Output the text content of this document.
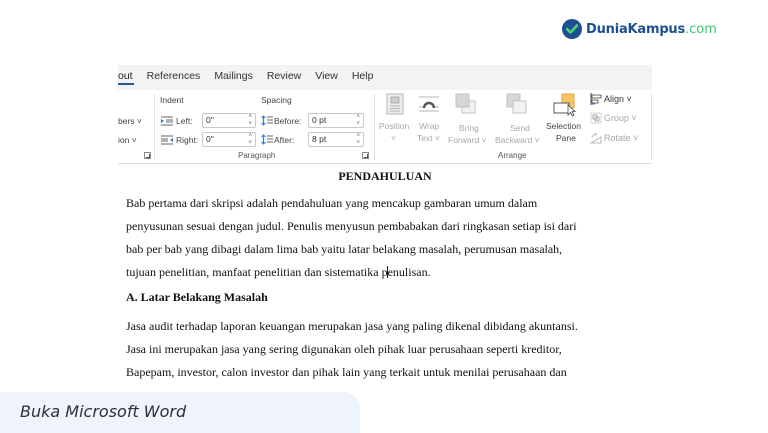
DuniaKampus .com
out	References	Mailings	Review	View	Help
bers ˅
ion ˅
Indent	Spacing
Left:	0"	˄
˅
Right: 0"	˄
˅
Before:	0 pt	˄
˅
After:	8 pt	˄
˅
Paragraph
Position
˅
Wrap
Text ˅
Bring
Forward ˅
Send
Backward ˅
Selection
Pane
Align ˅
Group ˅
Rotate ˅
Arrange
PENDAHULUAN
Bab pertama dari skripsi adalah pendahuluan yang mencakup gambaran umum dalam
penyusunan sesuai dengan judul. Penulis menyusun pembabakan dari ringkasan setiap isi dari
bab per bab yang dibagi dalam lima bab yaitu latar belakang masalah, perumusan masalah,
tujuan penelitian, manfaat penelitian dan sistematika penulisan.
A. Latar Belakang Masalah
Jasa audit terhadap laporan keuangan merupakan jasa yang paling dikenal dibidang akuntansi.
Jasa ini merupakan jasa yang sering digunakan oleh pihak luar perusahaan seperti kreditor,
Bapepam, investor, calon investor dan pihak lain yang terkait untuk menilai perusahaan dan
Buka Microsoft Word
